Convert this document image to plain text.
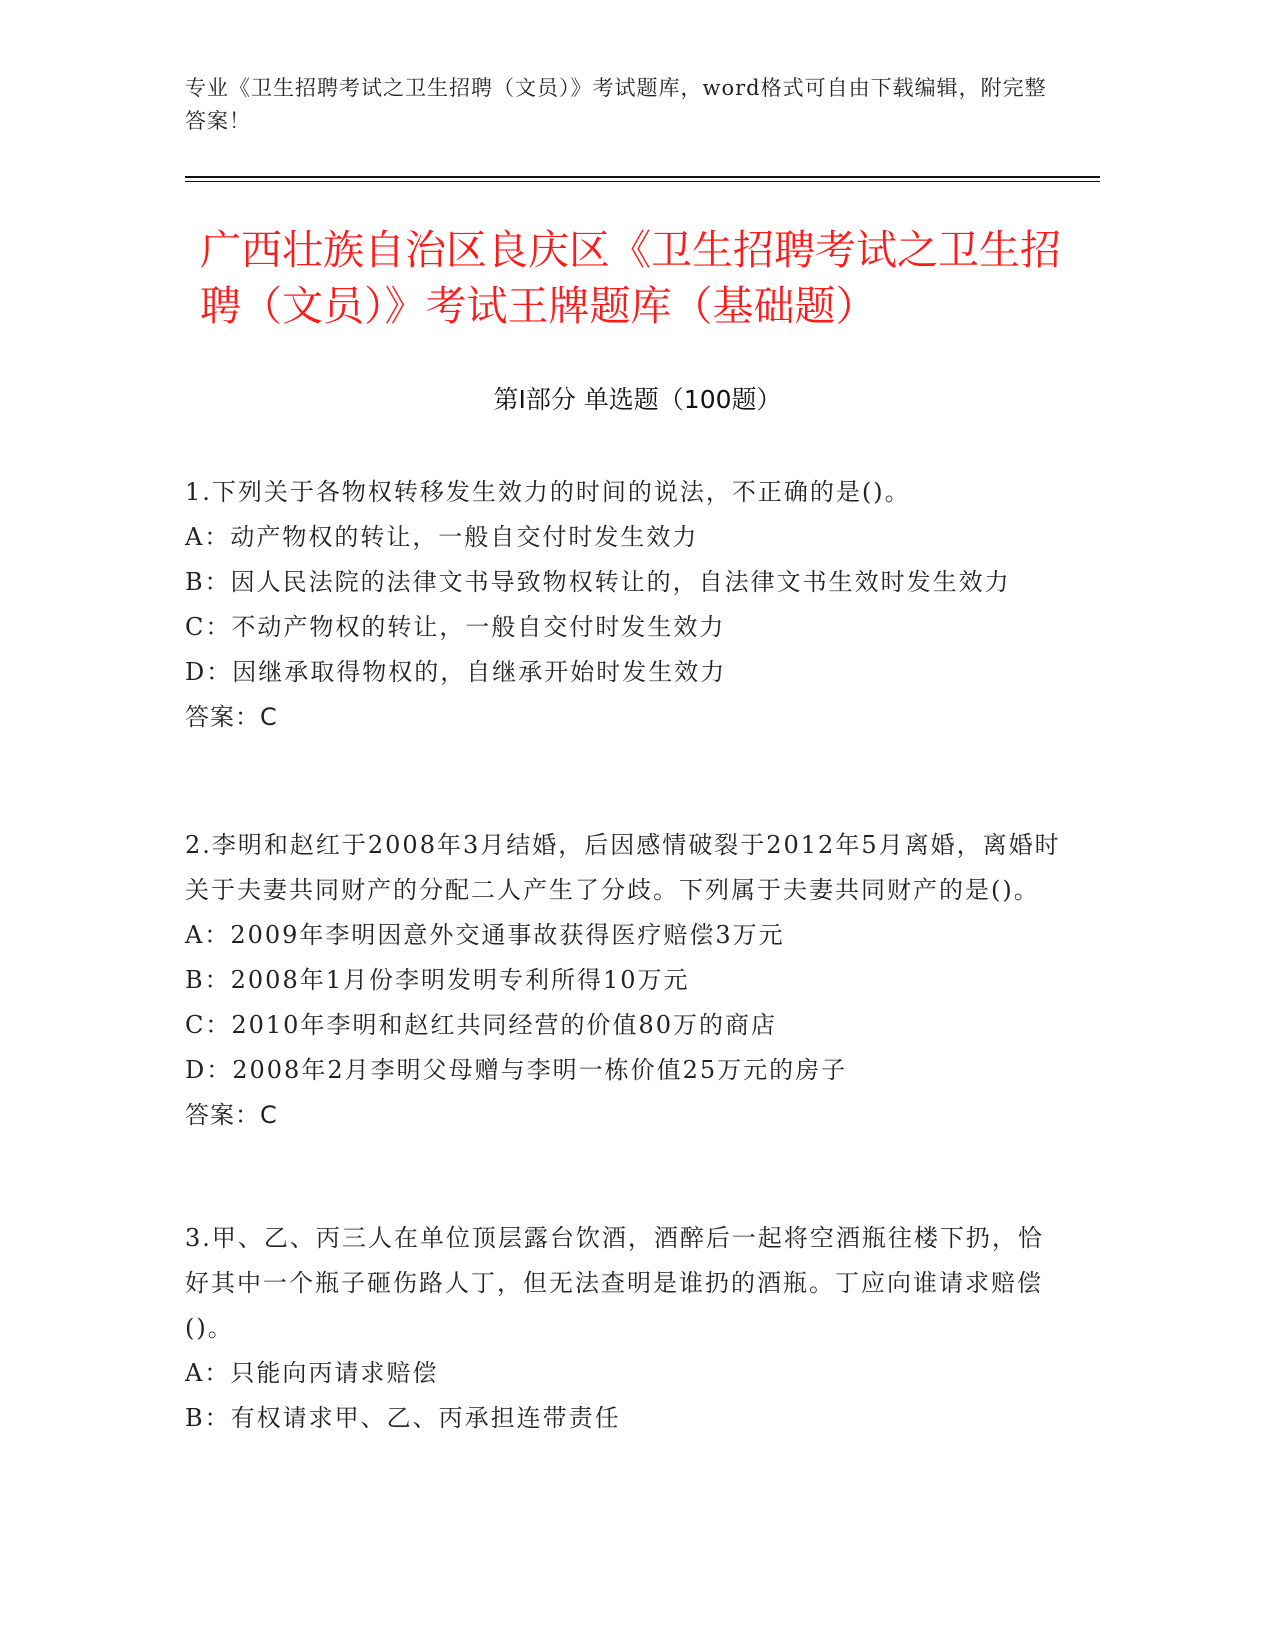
专业《卫生招聘考试之卫生招聘（文员）》考试题库，word格式可自由下载编辑，附完整答案！
广西壮族自治区良庆区《卫生招聘考试之卫生招聘（文员）》考试王牌题库（基础题）
第I部分 单选题（100题）

1.下列关于各物权转移发生效力的时间的说法，不正确的是()。

A：动产物权的转让，一般自交付时发生效力

B：因人民法院的法律文书导致物权转让的，自法律文书生效时发生效力

C：不动产物权的转让，一般自交付时发生效力

D：因继承取得物权的，自继承开始时发生效力

答案：C

2.李明和赵红于2008年3月结婚，后因感情破裂于2012年5月离婚，离婚时关于夫妻共同财产的分配二人产生了分歧。下列属于夫妻共同财产的是()。

A：2009年李明因意外交通事故获得医疗赔偿3万元

B：2008年1月份李明发明专利所得10万元

C：2010年李明和赵红共同经营的价值80万的商店

D：2008年2月李明父母赠与李明一栋价值25万元的房子

答案：C

3.甲、乙、丙三人在单位顶层露台饮酒，酒醉后一起将空酒瓶往楼下扔，恰好其中一个瓶子砸伤路人丁，但无法查明是谁扔的酒瓶。丁应向谁请求赔偿()。

A：只能向丙请求赔偿

B：有权请求甲、乙、丙承担连带责任
